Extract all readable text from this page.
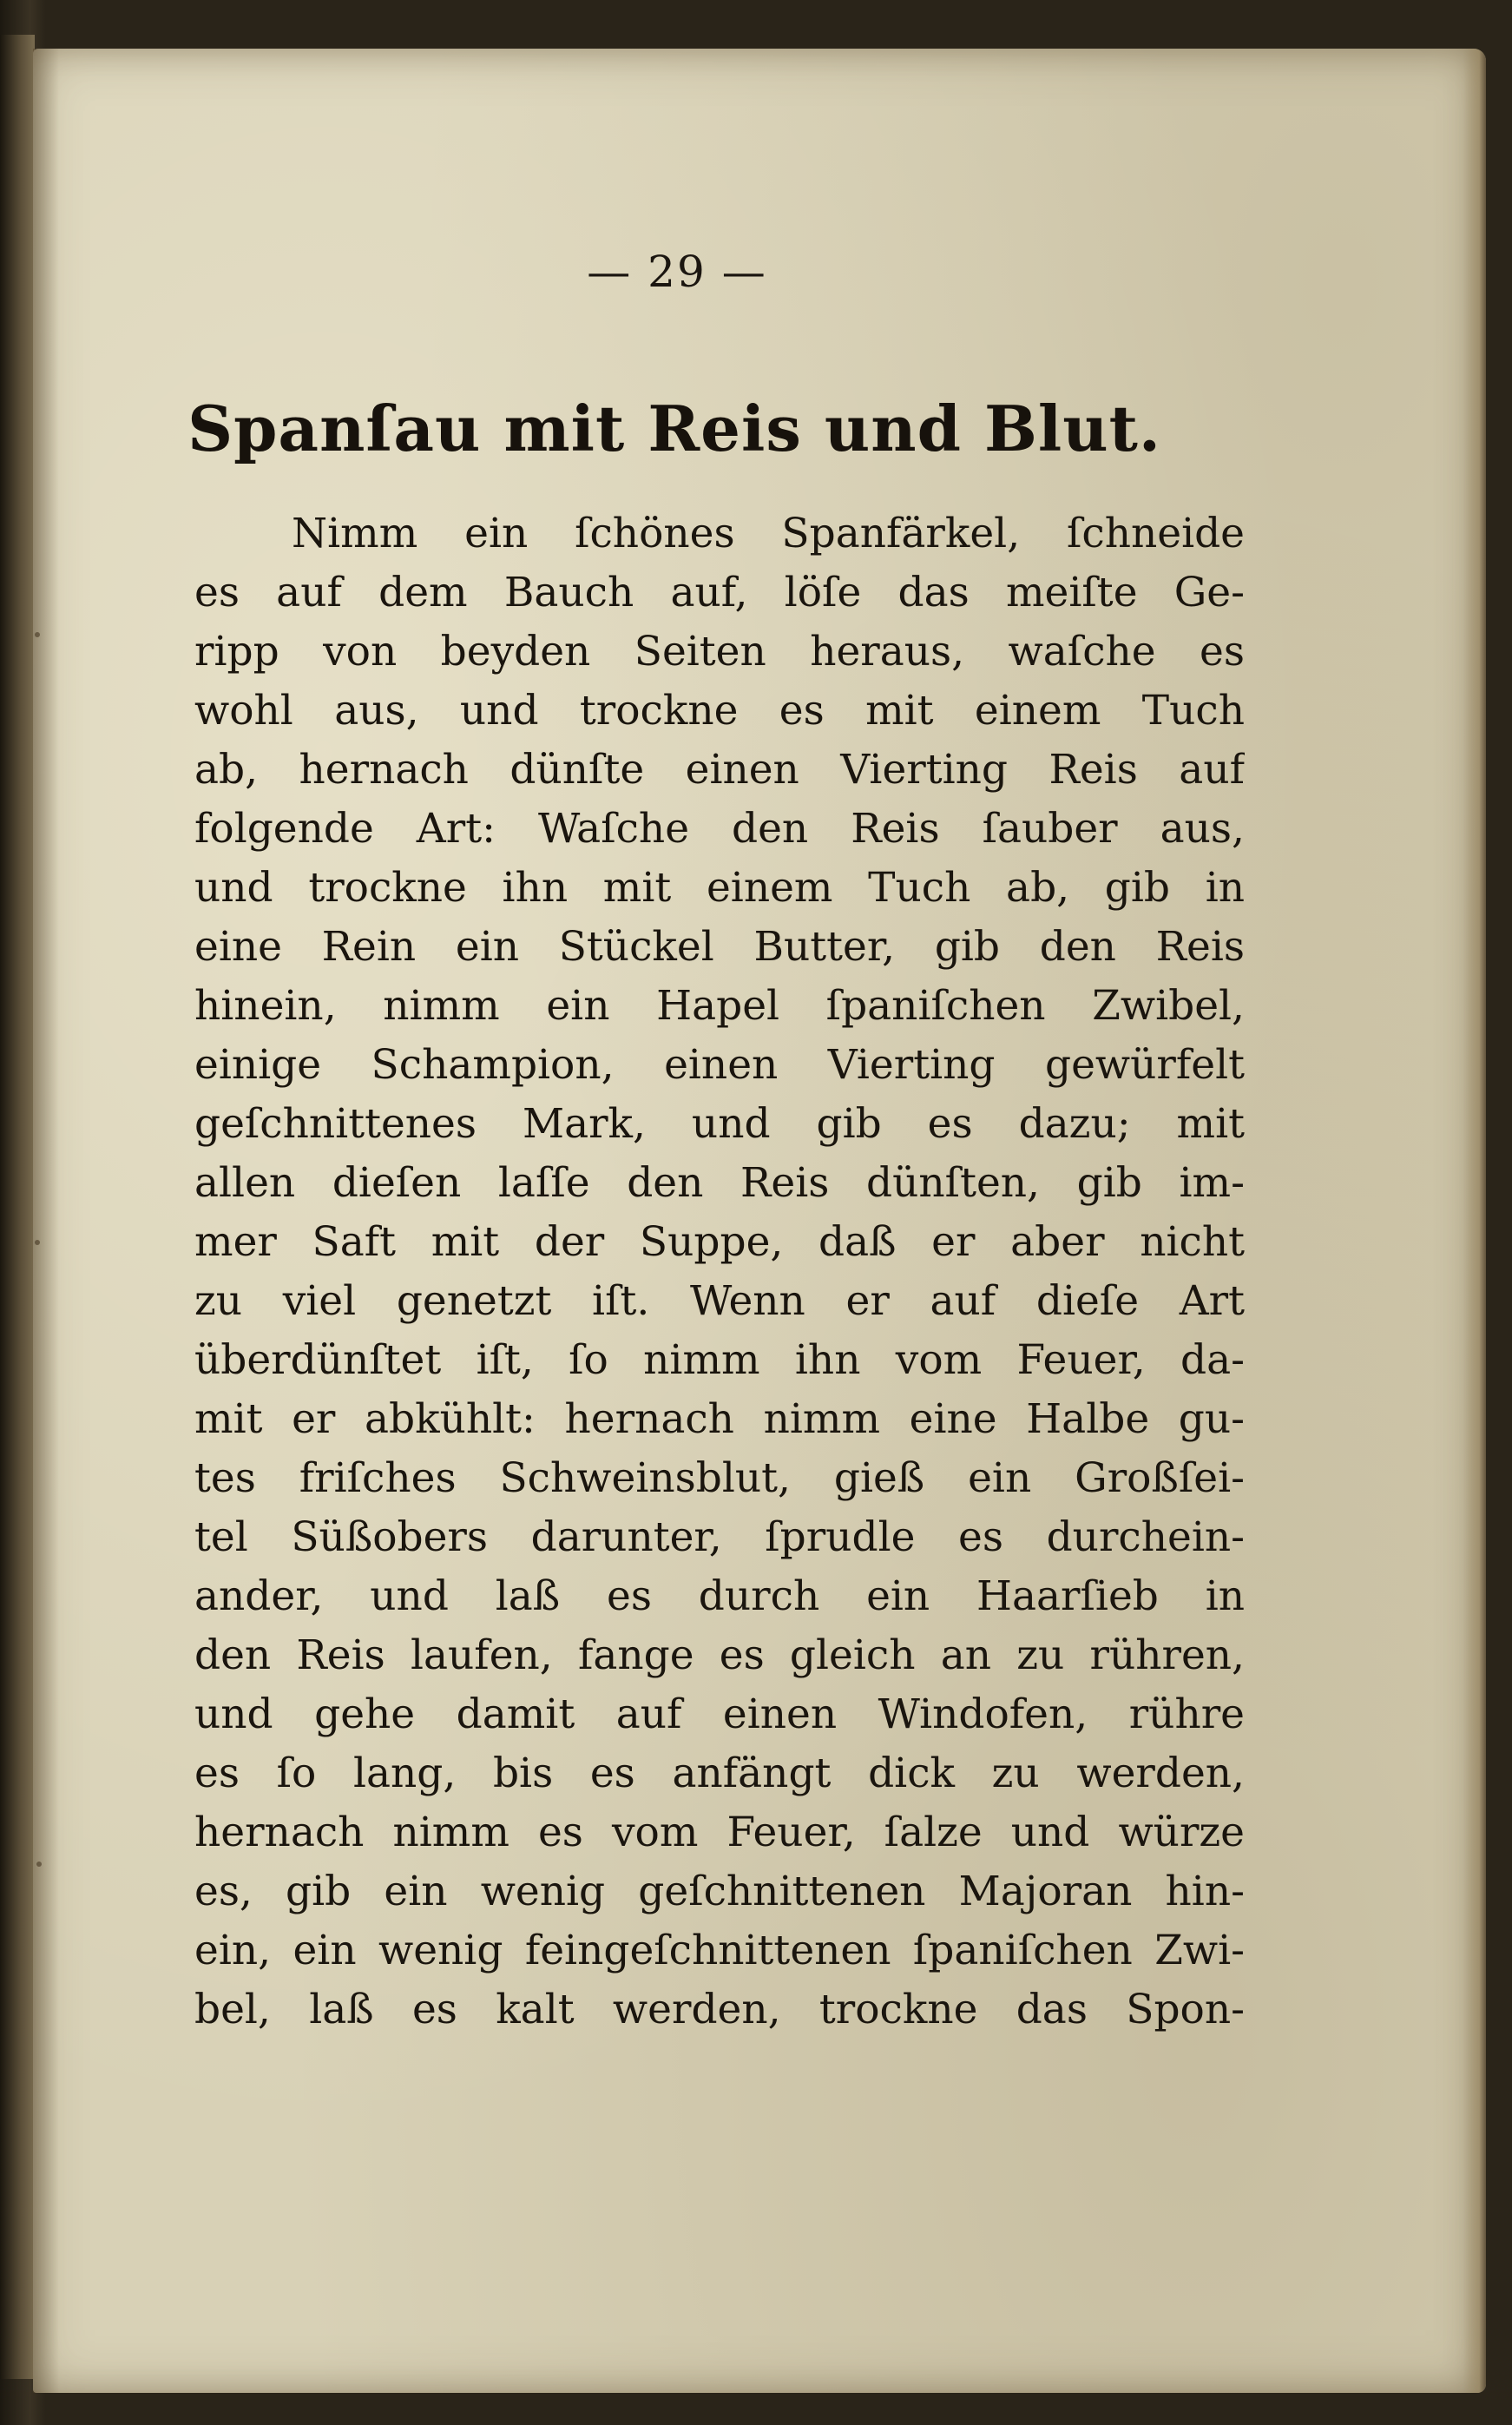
— 29 —
Spanſau mit Reis und Blut.
Nimm ein ſchönes Spanfärkel, ſchneide
es auf dem Bauch auf, löſe das meiſte Ge-
ripp von beyden Seiten heraus, waſche es
wohl aus, und trockne es mit einem Tuch
ab, hernach dünſte einen Vierting Reis auf
folgende Art: Waſche den Reis ſauber aus,
und trockne ihn mit einem Tuch ab, gib in
eine Rein ein Stückel Butter, gib den Reis
hinein, nimm ein Hapel ſpaniſchen Zwibel,
einige Schampion, einen Vierting gewürfelt
geſchnittenes Mark, und gib es dazu; mit
allen dieſen laſſe den Reis dünſten, gib im-
mer Saft mit der Suppe, daß er aber nicht
zu viel genetzt iſt. Wenn er auf dieſe Art
überdünſtet iſt, ſo nimm ihn vom Feuer, da-
mit er abkühlt: hernach nimm eine Halbe gu-
tes friſches Schweinsblut, gieß ein Großſei-
tel Süßobers darunter, ſprudle es durchein-
ander, und laß es durch ein Haarſieb in
den Reis laufen, fange es gleich an zu rühren,
und gehe damit auf einen Windofen, rühre
es ſo lang, bis es anfängt dick zu werden,
hernach nimm es vom Feuer, ſalze und würze
es, gib ein wenig geſchnittenen Majoran hin-
ein, ein wenig feingeſchnittenen ſpaniſchen Zwi-
bel, laß es kalt werden, trockne das Spon-
